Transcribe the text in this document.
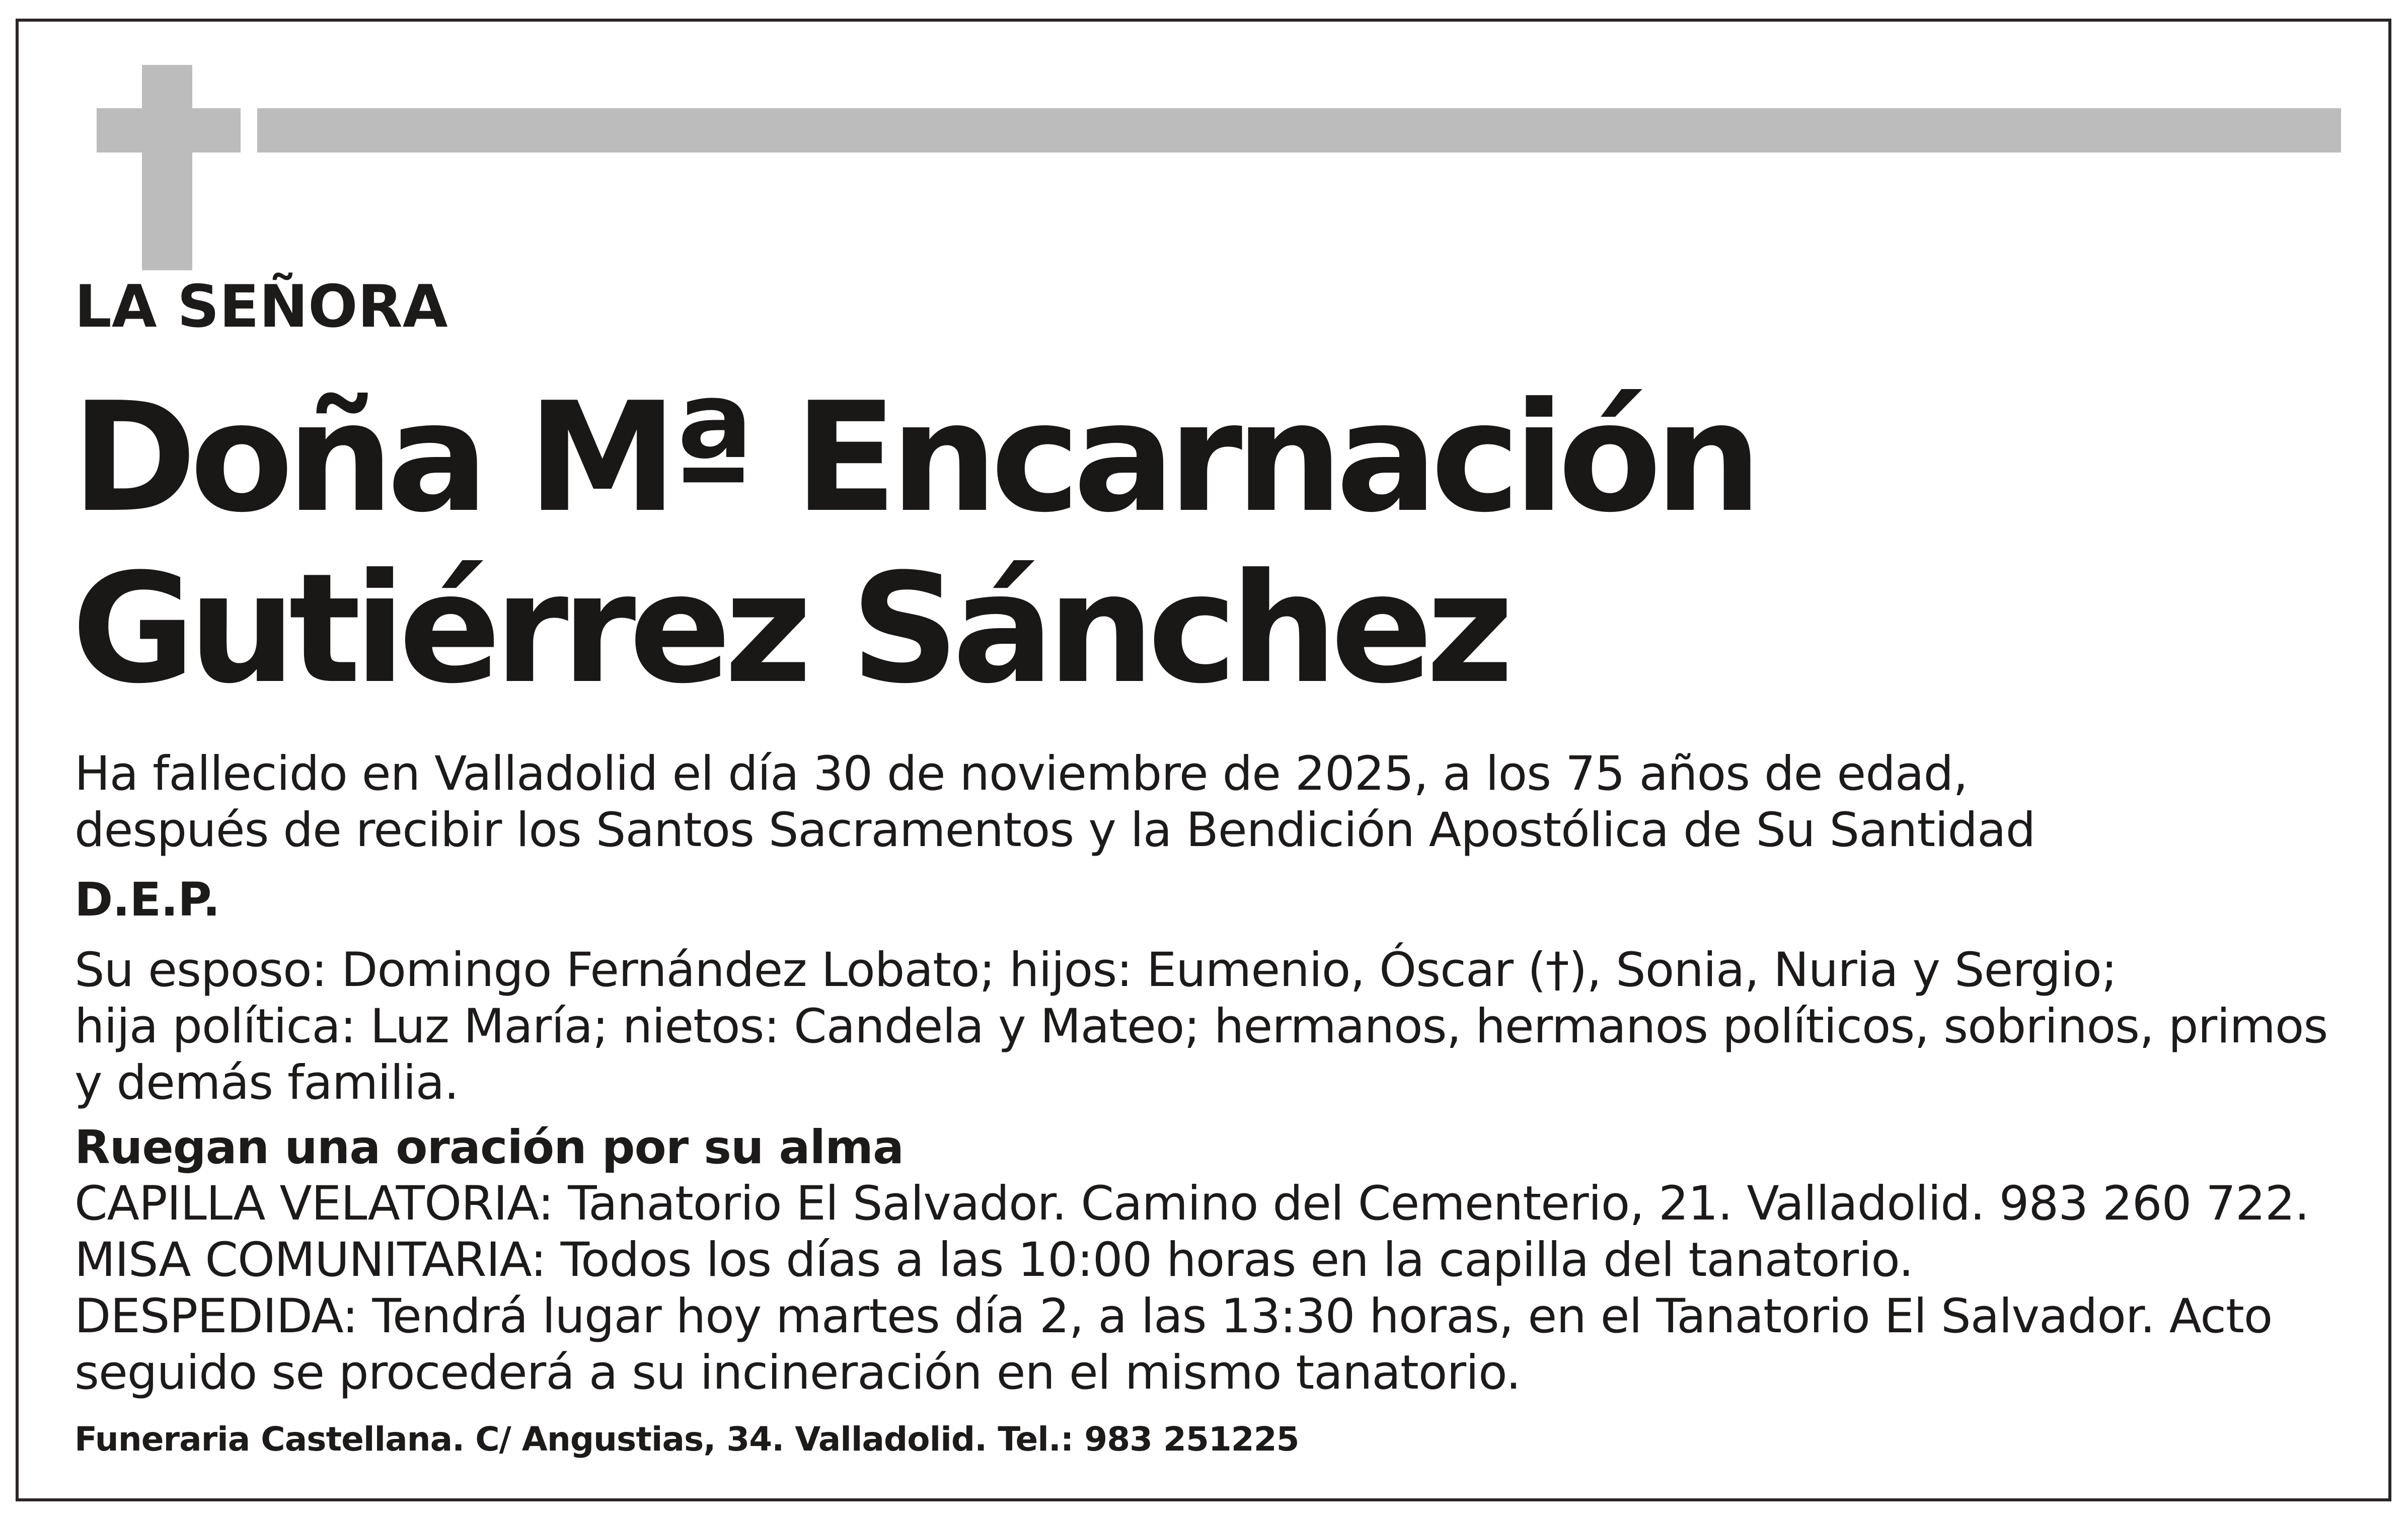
LA SEÑORA

Doña Mª Encarnación
Gutiérrez Sánchez

Ha fallecido en Valladolid el día 30 de noviembre de 2025, a los 75 años de edad,

después de recibir los Santos Sacramentos y la Bendición Apostólica de Su Santidad

D.E.P.

Su esposo: Domingo Fernández Lobato; hijos: Eumenio, Óscar (†), Sonia, Nuria y Sergio;

hija política: Luz María; nietos: Candela y Mateo; hermanos, hermanos políticos, sobrinos, primos

y demás familia.

Ruegan una oración por su alma

CAPILLA VELATORIA: Tanatorio El Salvador. Camino del Cementerio, 21. Valladolid. 983 260 722.

MISA COMUNITARIA: Todos los días a las 10:00 horas en la capilla del tanatorio.

DESPEDIDA: Tendrá lugar hoy martes día 2, a las 13:30 horas, en el Tanatorio El Salvador. Acto

seguido se procederá a su incineración en el mismo tanatorio.

Funeraria Castellana. C/ Angustias, 34. Valladolid. Tel.: 983 251225
